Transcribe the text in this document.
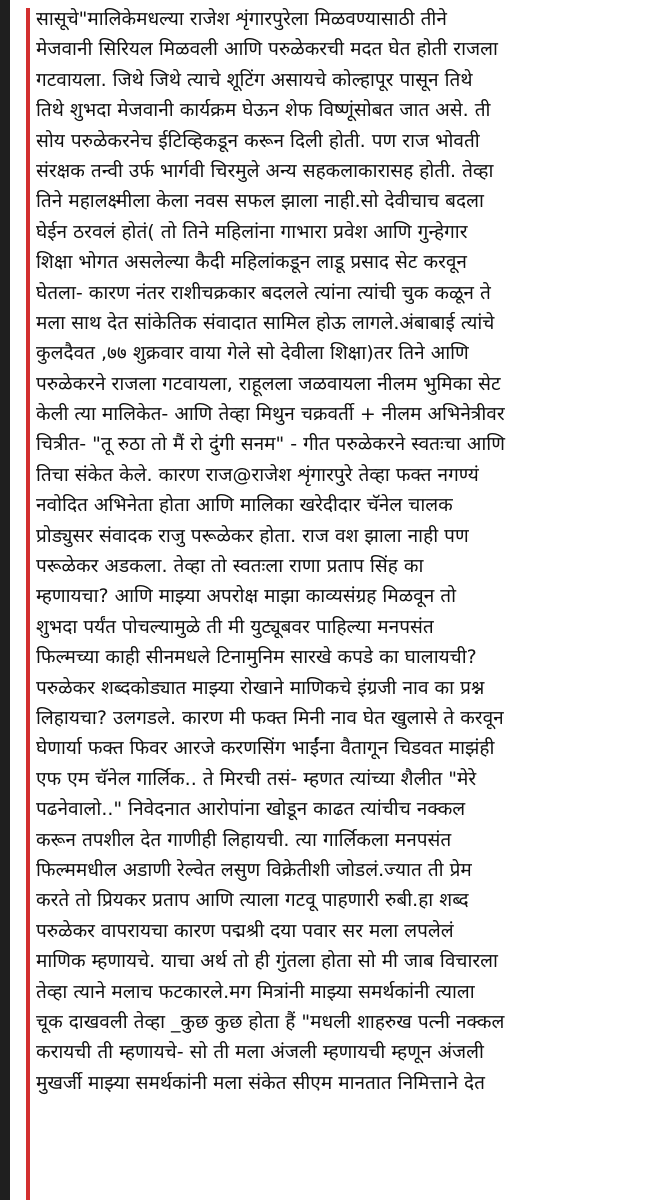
सासूचे"मालिकेमधल्या राजेश शृंगारपुरेला मिळवण्यासाठी तीने
मेजवानी सिरियल मिळवली आणि परुळेकरची मदत घेत होती राजला
गटवायला. जिथे जिथे त्याचे शूटिंग असायचे कोल्हापूर पासून तिथे
तिथे शुभदा मेजवानी कार्यक्रम घेऊन शेफ विष्णूंसोबत जात असे. ती
सोय परुळेकरनेच ईटिव्हिकडून करून दिली होती. पण राज भोवती
संरक्षक तन्वी उर्फ भार्गवी चिरमुले अन्य सहकलाकारासह होती. तेव्हा
तिने महालक्ष्मीला केला नवस सफल झाला नाही.सो देवीचाच बदला
घेईन ठरवलं होतं( तो तिने महिलांना गाभारा प्रवेश आणि गुन्हेगार
शिक्षा भोगत असलेल्या कैदी महिलांकडून लाडू प्रसाद सेट करवून
घेतला- कारण नंतर राशीचक्रकार बदलले त्यांना त्यांची चुक कळून ते
मला साथ देत सांकेतिक संवादात सामिल होऊ लागले.अंबाबाई त्यांचे
कुलदैवत ,७७ शुक्रवार वाया गेले सो देवीला शिक्षा)तर तिने आणि
परुळेकरने राजला गटवायला, राहूलला जळवायला नीलम भुमिका सेट
केली त्या मालिकेत- आणि तेव्हा मिथुन चक्रवर्ती + नीलम अभिनेत्रीवर
चित्रीत- "तू रुठा तो मैं रो दुंगी सनम" - गीत परुळेकरने स्वतःचा आणि
तिचा संकेत केले. कारण राज@राजेश शृंगारपुरे तेव्हा फक्त नगण्यं
नवोदित अभिनेता होता आणि मालिका खरेदीदार चॅनेल चालक
प्रोड्युसर संवादक राजु परूळेकर होता. राज वश झाला नाही पण
परूळेकर अडकला. तेव्हा तो स्वतःला राणा प्रताप सिंह का
म्हणायचा? आणि माझ्या अपरोक्ष माझा काव्यसंग्रह मिळवून तो
शुभदा पर्यंत पोचल्यामुळे ती मी युट्यूबवर पाहिल्या मनपसंत
फिल्मच्या काही सीनमधले टिनामुनिम सारखे कपडे का घालायची?
परुळेकर शब्दकोड्यात माझ्या रोखाने माणिकचे इंग्रजी नाव का प्रश्न
लिहायचा? उलगडले. कारण मी फक्त मिनी नाव घेत खुलासे ते करवून
घेणार्या फक्त फिवर आरजे करणसिंग भाईंना वैतागून चिडवत माझंही
एफ एम चॅनेल गार्लिक.. ते मिरची तसं- म्हणत त्यांच्या शैलीत "मेरे
पढनेवालो.." निवेदनात आरोपांना खोडून काढत त्यांचीच नक्कल
करून तपशील देत गाणीही लिहायची. त्या गार्लिकला मनपसंत
फिल्ममधील अडाणी रेल्वेत लसुण विक्रेतीशी जोडलं.ज्यात ती प्रेम
करते तो प्रियकर प्रताप आणि त्याला गटवू पाहणारी रुबी.हा शब्द
परुळेकर वापरायचा कारण पद्मश्री दया पवार सर मला लपलेलं
माणिक म्हणायचे. याचा अर्थ तो ही गुंतला होता सो मी जाब विचारला
तेव्हा त्याने मलाच फटकारले.मग मित्रांनी माझ्या समर्थकांनी त्याला
चूक दाखवली तेव्हा _कुछ कुछ होता हैं "मधली शाहरुख पत्नी नक्कल
करायची ती म्हणायचे- सो ती मला अंजली म्हणायची म्हणून अंजली
मुखर्जी माझ्या समर्थकांनी मला संकेत सीएम मानतात निमित्ताने देत
